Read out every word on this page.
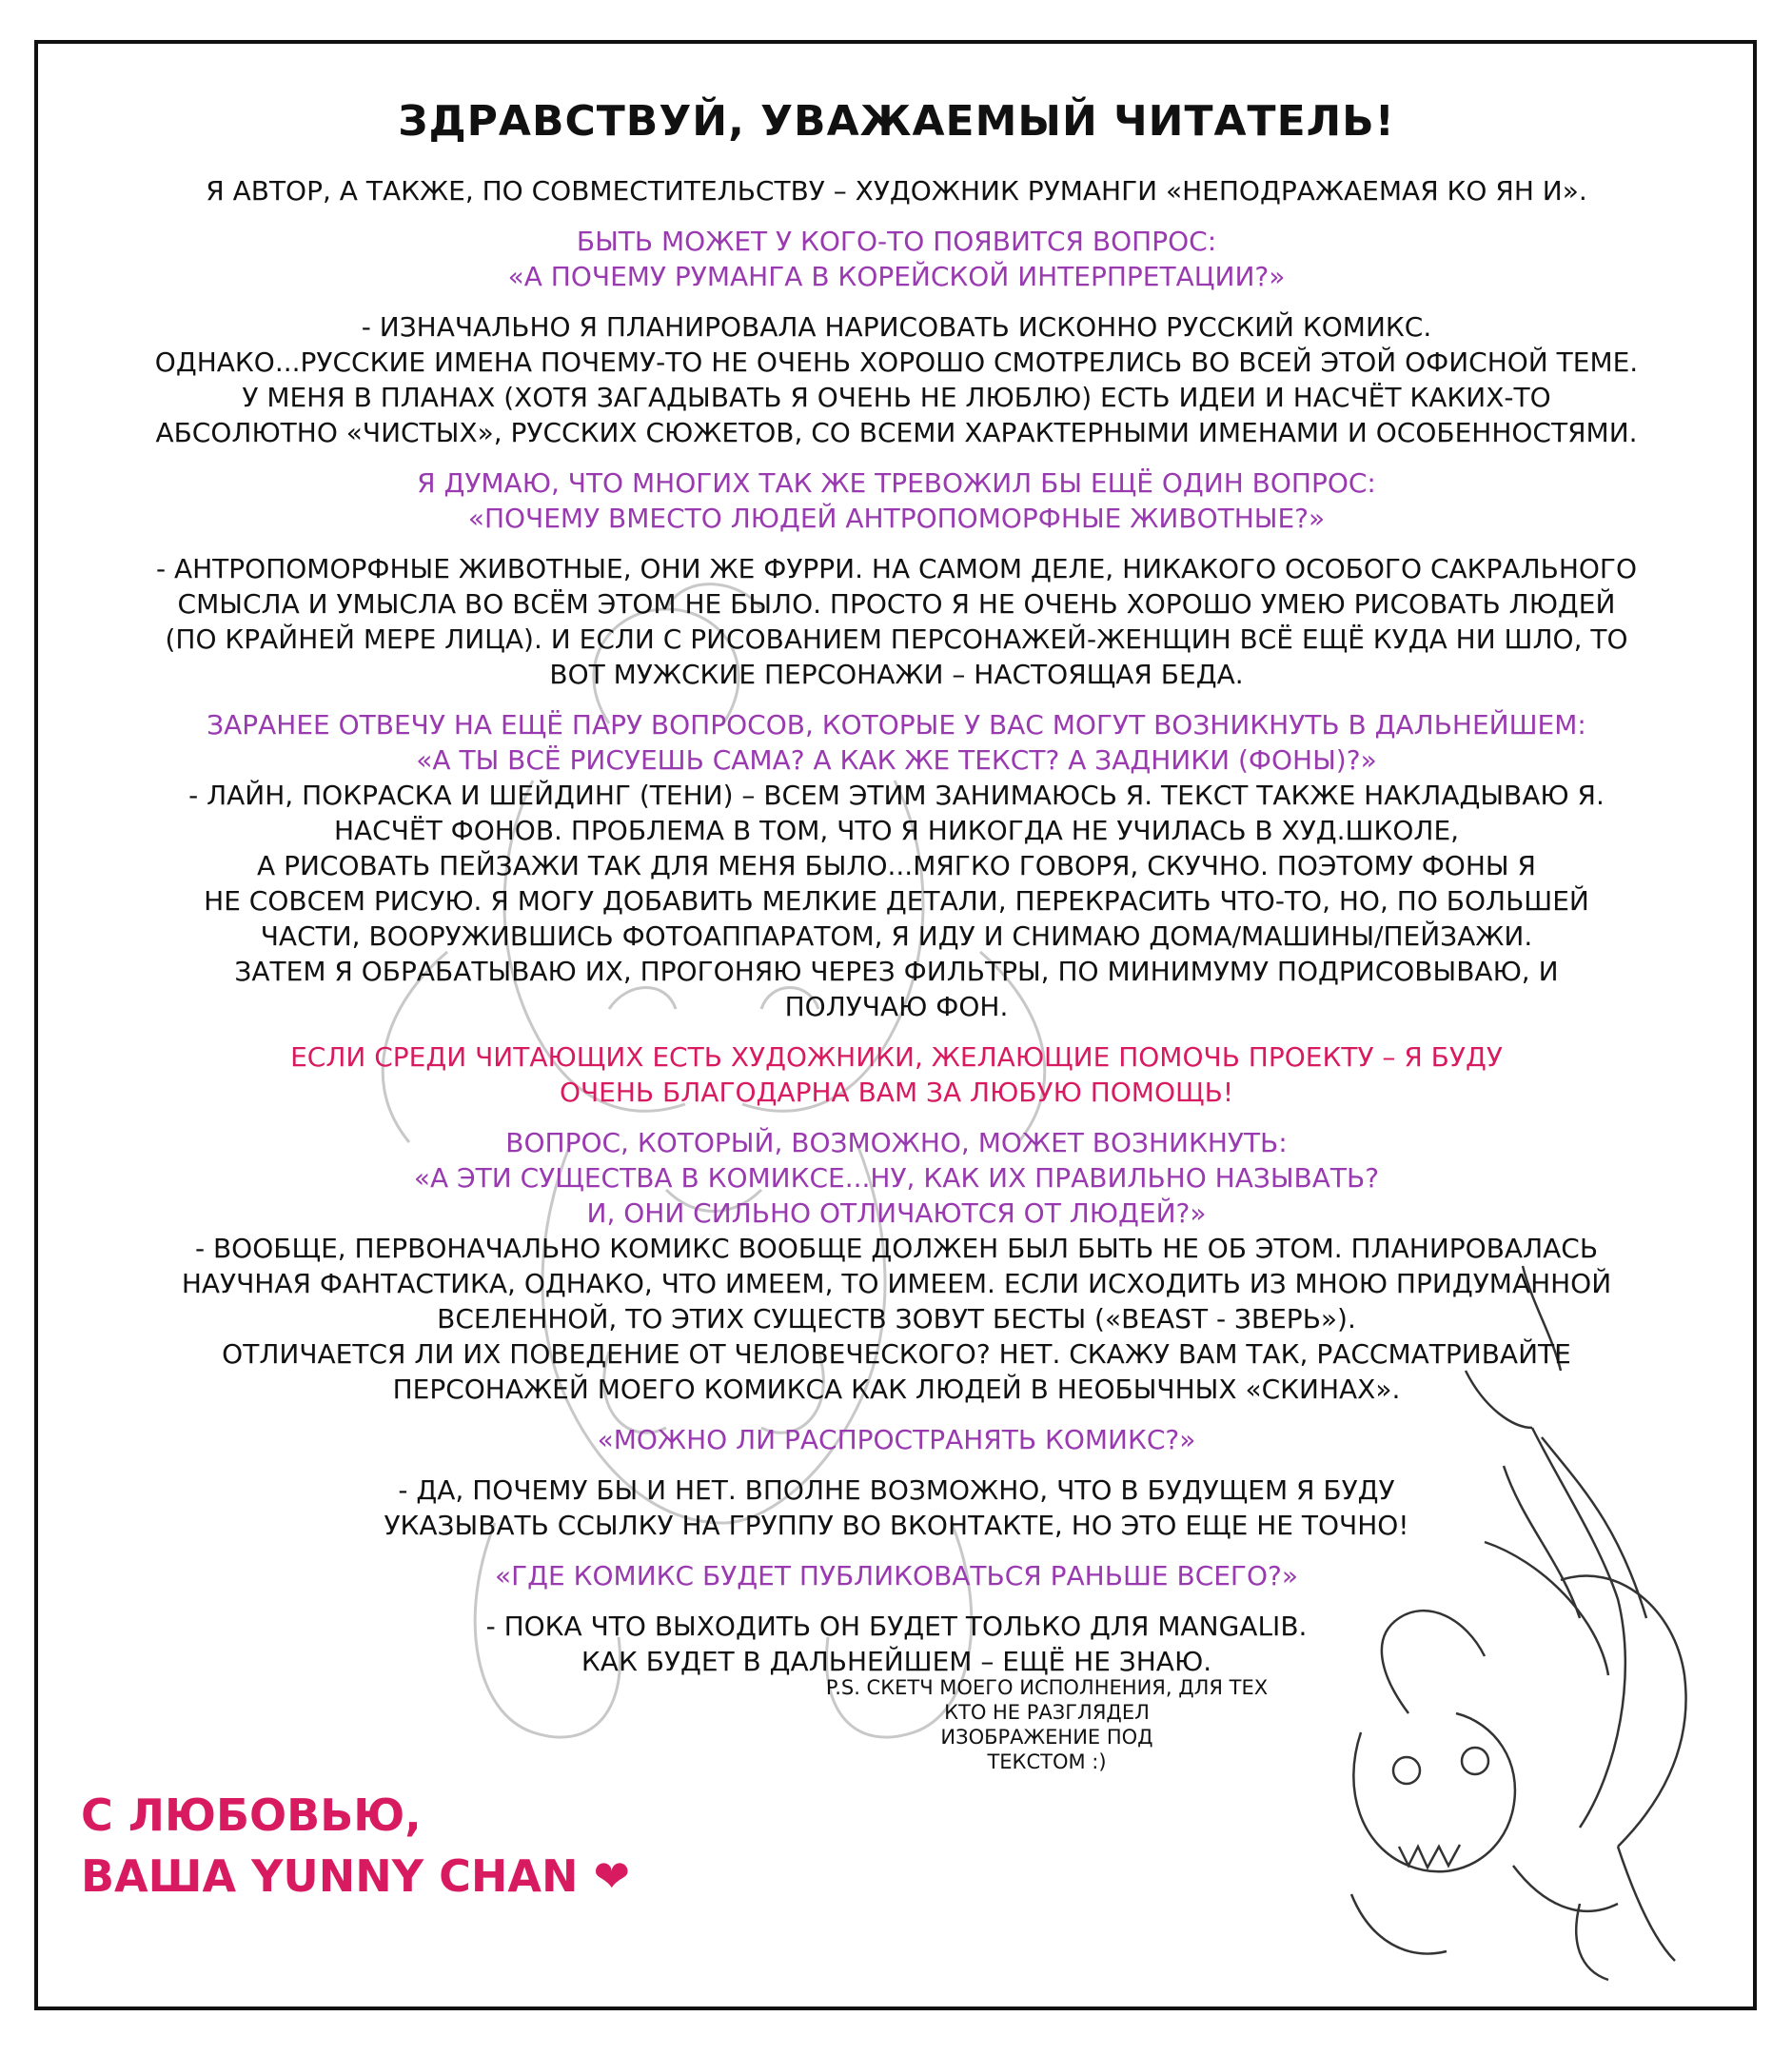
ЗДРАВСТВУЙ, УВАЖАЕМЫЙ ЧИТАТЕЛЬ!
Я АВТОР, А ТАКЖЕ, ПО СОВМЕСТИТЕЛЬСТВУ – ХУДОЖНИК РУМАНГИ «НЕПОДРАЖАЕМАЯ КО ЯН И».
БЫТЬ МОЖЕТ У КОГО-ТО ПОЯВИТСЯ ВОПРОС:
«А ПОЧЕМУ РУМАНГА В КОРЕЙСКОЙ ИНТЕРПРЕТАЦИИ?»
- ИЗНАЧАЛЬНО Я ПЛАНИРОВАЛА НАРИСОВАТЬ ИСКОННО РУССКИЙ КОМИКС.
ОДНАКО...РУССКИЕ ИМЕНА ПОЧЕМУ-ТО НЕ ОЧЕНЬ ХОРОШО СМОТРЕЛИСЬ ВО ВСЕЙ ЭТОЙ ОФИСНОЙ ТЕМЕ.
У МЕНЯ В ПЛАНАХ (ХОТЯ ЗАГАДЫВАТЬ Я ОЧЕНЬ НЕ ЛЮБЛЮ) ЕСТЬ ИДЕИ И НАСЧЁТ КАКИХ-ТО
АБСОЛЮТНО «ЧИСТЫХ», РУССКИХ СЮЖЕТОВ, СО ВСЕМИ ХАРАКТЕРНЫМИ ИМЕНАМИ И ОСОБЕННОСТЯМИ.
Я ДУМАЮ, ЧТО МНОГИХ ТАК ЖЕ ТРЕВОЖИЛ БЫ ЕЩЁ ОДИН ВОПРОС:
«ПОЧЕМУ ВМЕСТО ЛЮДЕЙ АНТРОПОМОРФНЫЕ ЖИВОТНЫЕ?»
- АНТРОПОМОРФНЫЕ ЖИВОТНЫЕ, ОНИ ЖЕ ФУРРИ. НА САМОМ ДЕЛЕ, НИКАКОГО ОСОБОГО САКРАЛЬНОГО
СМЫСЛА И УМЫСЛА ВО ВСЁМ ЭТОМ НЕ БЫЛО. ПРОСТО Я НЕ ОЧЕНЬ ХОРОШО УМЕЮ РИСОВАТЬ ЛЮДЕЙ
(ПО КРАЙНЕЙ МЕРЕ ЛИЦА). И ЕСЛИ С РИСОВАНИЕМ ПЕРСОНАЖЕЙ-ЖЕНЩИН ВСЁ ЕЩЁ КУДА НИ ШЛО, ТО
ВОТ МУЖСКИЕ ПЕРСОНАЖИ – НАСТОЯЩАЯ БЕДА.
ЗАРАНЕЕ ОТВЕЧУ НА ЕЩЁ ПАРУ ВОПРОСОВ, КОТОРЫЕ У ВАС МОГУТ ВОЗНИКНУТЬ В ДАЛЬНЕЙШЕМ:
«А ТЫ ВСЁ РИСУЕШЬ САМА? А КАК ЖЕ ТЕКСТ? А ЗАДНИКИ (ФОНЫ)?»
- ЛАЙН, ПОКРАСКА И ШЕЙДИНГ (ТЕНИ) – ВСЕМ ЭТИМ ЗАНИМАЮСЬ Я. ТЕКСТ ТАКЖЕ НАКЛАДЫВАЮ Я.
НАСЧЁТ ФОНОВ. ПРОБЛЕМА В ТОМ, ЧТО Я НИКОГДА НЕ УЧИЛАСЬ В ХУД.ШКОЛЕ,
А РИСОВАТЬ ПЕЙЗАЖИ ТАК ДЛЯ МЕНЯ БЫЛО...МЯГКО ГОВОРЯ, СКУЧНО. ПОЭТОМУ ФОНЫ Я
НЕ СОВСЕМ РИСУЮ. Я МОГУ ДОБАВИТЬ МЕЛКИЕ ДЕТАЛИ, ПЕРЕКРАСИТЬ ЧТО-ТО, НО, ПО БОЛЬШЕЙ
ЧАСТИ, ВООРУЖИВШИСЬ ФОТОАППАРАТОМ, Я ИДУ И СНИМАЮ ДОМА/МАШИНЫ/ПЕЙЗАЖИ.
ЗАТЕМ Я ОБРАБАТЫВАЮ ИХ, ПРОГОНЯЮ ЧЕРЕЗ ФИЛЬТРЫ, ПО МИНИМУМУ ПОДРИСОВЫВАЮ, И
ПОЛУЧАЮ ФОН.
ЕСЛИ СРЕДИ ЧИТАЮЩИХ ЕСТЬ ХУДОЖНИКИ, ЖЕЛАЮЩИЕ ПОМОЧЬ ПРОЕКТУ – Я БУДУ
ОЧЕНЬ БЛАГОДАРНА ВАМ ЗА ЛЮБУЮ ПОМОЩЬ!
ВОПРОС, КОТОРЫЙ, ВОЗМОЖНО, МОЖЕТ ВОЗНИКНУТЬ:
«А ЭТИ СУЩЕСТВА В КОМИКСЕ...НУ, КАК ИХ ПРАВИЛЬНО НАЗЫВАТЬ?
И, ОНИ СИЛЬНО ОТЛИЧАЮТСЯ ОТ ЛЮДЕЙ?»
- ВООБЩЕ, ПЕРВОНАЧАЛЬНО КОМИКС ВООБЩЕ ДОЛЖЕН БЫЛ БЫТЬ НЕ ОБ ЭТОМ. ПЛАНИРОВАЛАСЬ
НАУЧНАЯ ФАНТАСТИКА, ОДНАКО, ЧТО ИМЕЕМ, ТО ИМЕЕМ. ЕСЛИ ИСХОДИТЬ ИЗ МНОЮ ПРИДУМАННОЙ
ВСЕЛЕННОЙ, ТО ЭТИХ СУЩЕСТВ ЗОВУТ БЕСТЫ («BEAST - ЗВЕРЬ»).
ОТЛИЧАЕТСЯ ЛИ ИХ ПОВЕДЕНИЕ ОТ ЧЕЛОВЕЧЕСКОГО? НЕТ. СКАЖУ ВАМ ТАК, РАССМАТРИВАЙТЕ
ПЕРСОНАЖЕЙ МОЕГО КОМИКСА КАК ЛЮДЕЙ В НЕОБЫЧНЫХ «СКИНАХ».
«МОЖНО ЛИ РАСПРОСТРАНЯТЬ КОМИКС?»
- ДА, ПОЧЕМУ БЫ И НЕТ. ВПОЛНЕ ВОЗМОЖНО, ЧТО В БУДУЩЕМ Я БУДУ
УКАЗЫВАТЬ ССЫЛКУ НА ГРУППУ ВО ВКОНТАКТЕ, НО ЭТО ЕЩЕ НЕ ТОЧНО!
«ГДЕ КОМИКС БУДЕТ ПУБЛИКОВАТЬСЯ РАНЬШЕ ВСЕГО?»
- ПОКА ЧТО ВЫХОДИТЬ ОН БУДЕТ ТОЛЬКО ДЛЯ MANGALIB.
КАК БУДЕТ В ДАЛЬНЕЙШЕМ – ЕЩЁ НЕ ЗНАЮ.
P.S. СКЕТЧ МОЕГО ИСПОЛНЕНИЯ, ДЛЯ ТЕХ
КТО НЕ РАЗГЛЯДЕЛ
ИЗОБРАЖЕНИЕ ПОД
ТЕКСТОМ :)
С ЛЮБОВЬЮ,
ВАША YUNNY CHAN ❤
